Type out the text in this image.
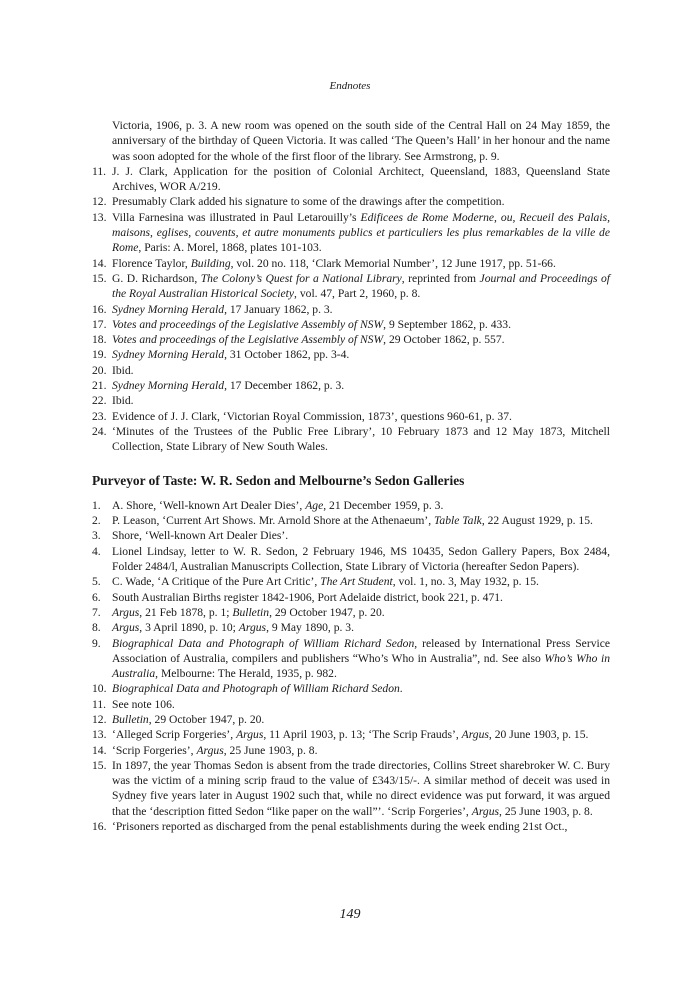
Endnotes

Victoria, 1906, p. 3. A new room was opened on the south side of the Central Hall on 24 May 1859, the anniversary of the birthday of Queen Victoria. It was called ‘The Queen’s Hall’ in her honour and the name was soon adopted for the whole of the first floor of the library. See Armstrong, p. 9.

11. J. J. Clark, Application for the position of Colonial Architect, Queensland, 1883, Queensland State Archives, WOR A/219.
12. Presumably Clark added his signature to some of the drawings after the competition.
13. Villa Farnesina was illustrated in Paul Letarouilly’s Edificees de Rome Moderne, ou, Recueil des Palais, maisons, eglises, couvents, et autre monuments publics et particuliers les plus remarkables de la ville de Rome, Paris: A. Morel, 1868, plates 101-103.
14. Florence Taylor, Building, vol. 20 no. 118, ‘Clark Memorial Number’, 12 June 1917, pp. 51-66.
15. G. D. Richardson, The Colony’s Quest for a National Library, reprinted from Journal and Proceedings of the Royal Australian Historical Society, vol. 47, Part 2, 1960, p. 8.
16. Sydney Morning Herald, 17 January 1862, p. 3.
17. Votes and proceedings of the Legislative Assembly of NSW, 9 September 1862, p. 433.
18. Votes and proceedings of the Legislative Assembly of NSW, 29 October 1862, p. 557.
19. Sydney Morning Herald, 31 October 1862, pp. 3-4.
20. Ibid.
21. Sydney Morning Herald, 17 December 1862, p. 3.
22. Ibid.
23. Evidence of J. J. Clark, ‘Victorian Royal Commission, 1873’, questions 960-61, p. 37.
24. ‘Minutes of the Trustees of the Public Free Library’, 10 February 1873 and 12 May 1873, Mitchell Collection, State Library of New South Wales.
Purveyor of Taste: W. R. Sedon and Melbourne’s Sedon Galleries
1. A. Shore, ‘Well-known Art Dealer Dies’, Age, 21 December 1959, p. 3.
2. P. Leason, ‘Current Art Shows. Mr. Arnold Shore at the Athenaeum’, Table Talk, 22 August 1929, p. 15.
3. Shore, ‘Well-known Art Dealer Dies’.
4. Lionel Lindsay, letter to W. R. Sedon, 2 February 1946, MS 10435, Sedon Gallery Papers, Box 2484, Folder 2484/l, Australian Manuscripts Collection, State Library of Victoria (hereafter Sedon Papers).
5. C. Wade, ‘A Critique of the Pure Art Critic’, The Art Student, vol. 1, no. 3, May 1932, p. 15.
6. South Australian Births register 1842-1906, Port Adelaide district, book 221, p. 471.
7. Argus, 21 Feb 1878, p. 1; Bulletin, 29 October 1947, p. 20.
8. Argus, 3 April 1890, p. 10; Argus, 9 May 1890, p. 3.
9. Biographical Data and Photograph of William Richard Sedon, released by International Press Service Association of Australia, compilers and publishers “Who’s Who in Australia”, nd. See also Who’s Who in Australia, Melbourne: The Herald, 1935, p. 982.
10. Biographical Data and Photograph of William Richard Sedon.
11. See note 106.
12. Bulletin, 29 October 1947, p. 20.
13. ‘Alleged Scrip Forgeries’, Argus, 11 April 1903, p. 13; ‘The Scrip Frauds’, Argus, 20 June 1903, p. 15.
14. ‘Scrip Forgeries’, Argus, 25 June 1903, p. 8.
15. In 1897, the year Thomas Sedon is absent from the trade directories, Collins Street sharebroker W. C. Bury was the victim of a mining scrip fraud to the value of £343/15/-. A similar method of deceit was used in Sydney five years later in August 1902 such that, while no direct evidence was put forward, it was argued that the ‘description fitted Sedon “like paper on the wall”’. ‘Scrip Forgeries’, Argus, 25 June 1903, p. 8.
16. ‘Prisoners reported as discharged from the penal establishments during the week ending 21st Oct.,
149
